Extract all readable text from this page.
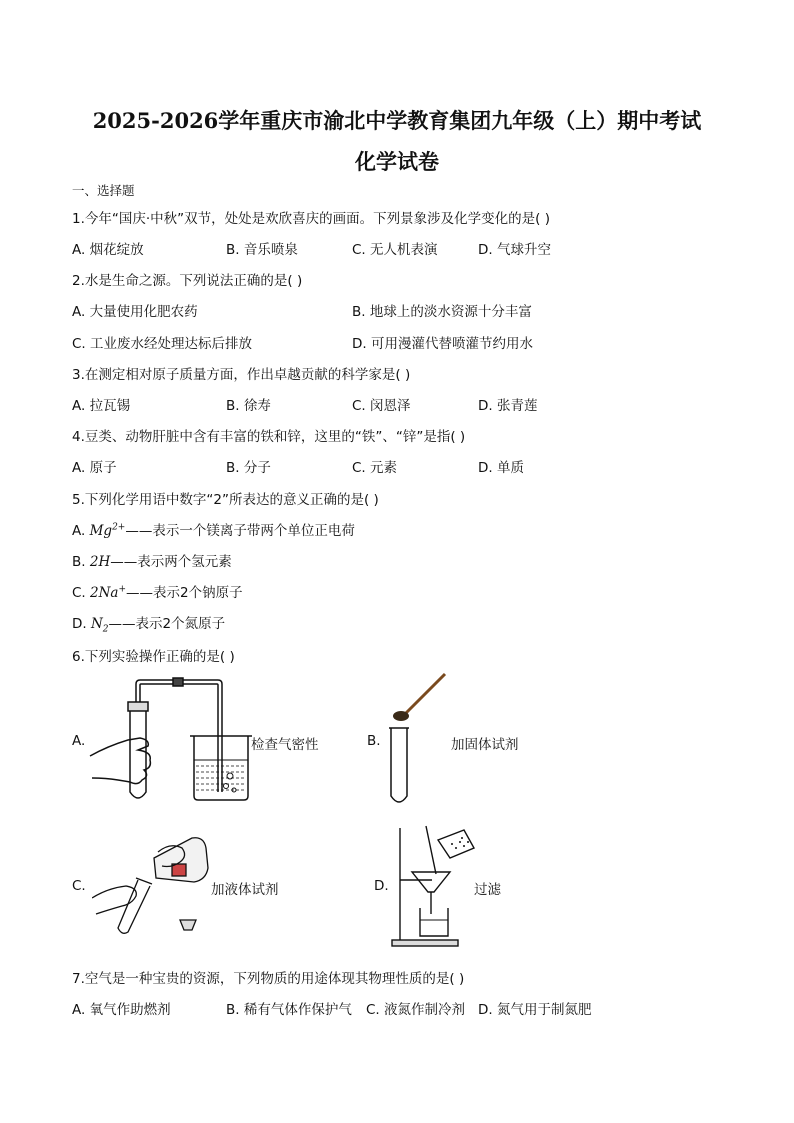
2025-2026学年重庆市渝北中学教育集团九年级（上）期中考试
化学试卷
一、选择题
1.今年“国庆·中秋”双节，处处是欢欣喜庆的画面。下列景象涉及化学变化的是( )
A. 烟花绽放	B. 音乐喷泉	C. 无人机表演	D. 气球升空
2.水是生命之源。下列说法正确的是( )
A. 大量使用化肥农药	B. 地球上的淡水资源十分丰富
C. 工业废水经处理达标后排放	D. 可用漫灌代替喷灌节约用水
3.在测定相对原子质量方面，作出卓越贡献的科学家是( )
A. 拉瓦锡	B. 徐寿	C. 闵恩泽	D. 张青莲
4.豆类、动物肝脏中含有丰富的铁和锌，这里的“铁”、“锌”是指( )
A. 原子	B. 分子	C. 元素	D. 单质
5.下列化学用语中数字“2”所表达的意义正确的是( )
A. $Mg^{2+}——$表示一个镁离子带两个单位正电荷
B. 2H——表示两个氢元素
C. 2Na+——表示2个钠原子
D. $N_2——$表示2个氮原子
6.下列实验操作正确的是( )
A.	检查气密性	B.	加固体试剂
C.	加液体试剂	D.	过滤
7.空气是一种宝贵的资源，下列物质的用途体现其物理性质的是( )
A. 氧气作助燃剂	B. 稀有气体作保护气 C. 液氮作制冷剂 D. 氮气用于制氮肥
